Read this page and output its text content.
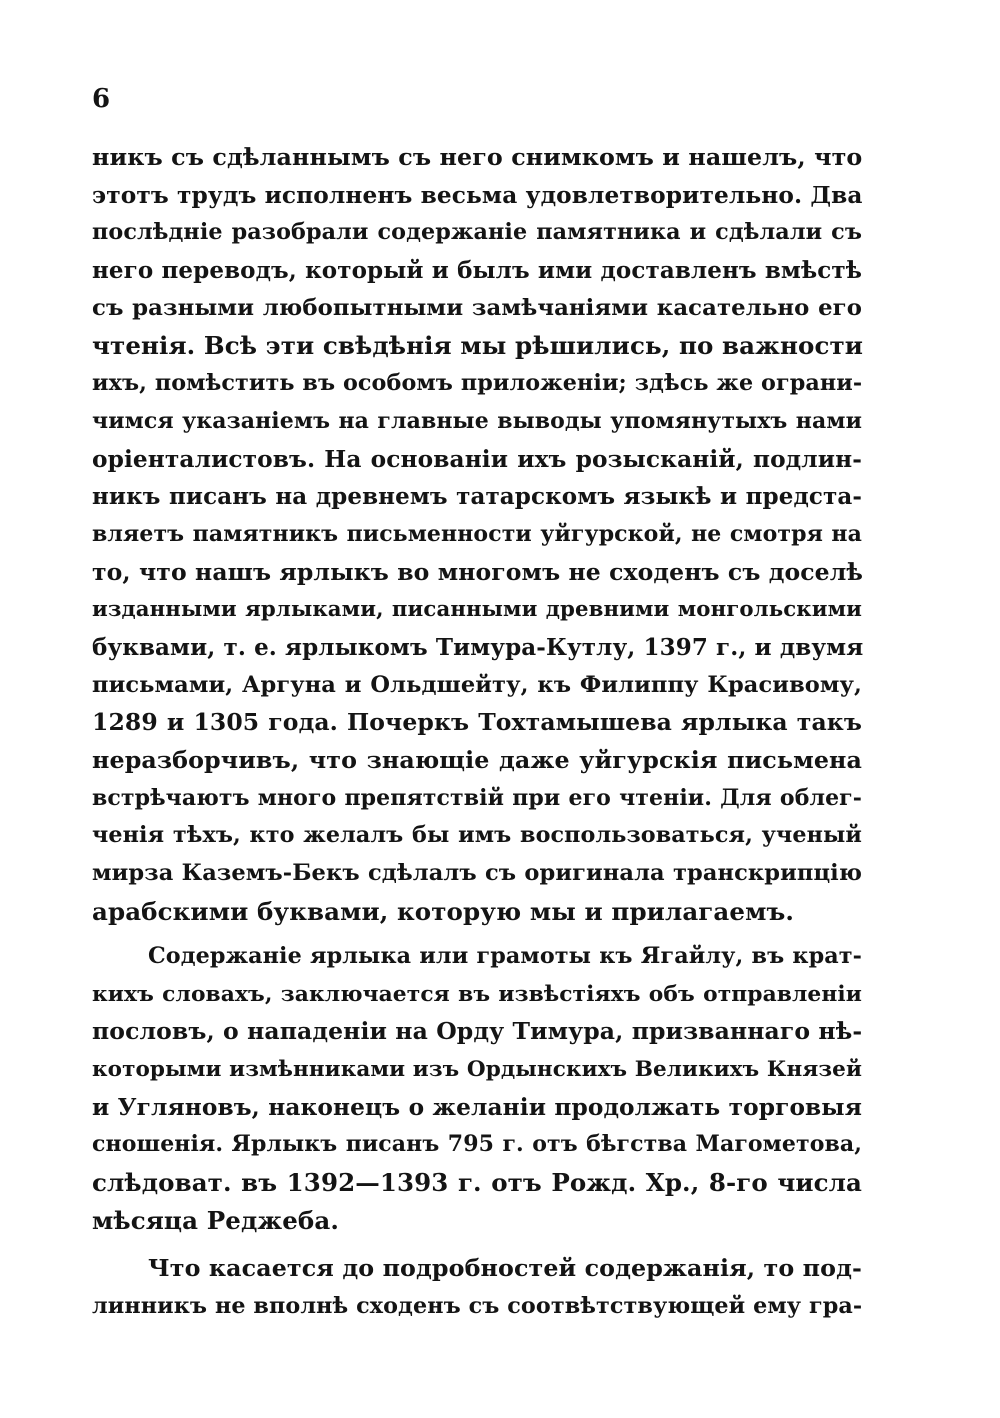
6
никъ съ сдѣланнымъ съ него снимкомъ и нашелъ, что
этотъ трудъ исполненъ весьма удовлетворительно. Два
послѣдніе разобрали содержаніе памятника и сдѣлали съ
него переводъ, который и былъ ими доставленъ вмѣстѣ
съ разными любопытными замѣчаніями касательно его
чтенія. Всѣ эти свѣдѣнія мы рѣшились, по важности
ихъ, помѣстить въ особомъ приложеніи; здѣсь же ограни-
чимся указаніемъ на главные выводы упомянутыхъ нами
оріенталистовъ. На основаніи ихъ розысканій, подлин-
никъ писанъ на древнемъ татарскомъ языкѣ и предста-
вляетъ памятникъ письменности уйгурской, не смотря на
то, что нашъ ярлыкъ во многомъ не сходенъ съ доселѣ
изданными ярлыками, писанными древними монгольскими
буквами, т. е. ярлыкомъ Тимура-Кутлу, 1397 г., и двумя
письмами, Аргуна и Ольдшейту, къ Филиппу Красивому,
1289 и 1305 года. Почеркъ Тохтамышева ярлыка такъ
неразборчивъ, что знающіе даже уйгурскія письмена
встрѣчаютъ много препятствій при его чтеніи. Для облег-
ченія тѣхъ, кто желалъ бы имъ воспользоваться, ученый
мирза Каземъ-Бекъ сдѣлалъ съ оригинала транскрипцію
арабскими буквами, которую мы и прилагаемъ.
Содержаніе ярлыка или грамоты къ Ягайлу, въ крат-
кихъ словахъ, заключается въ извѣстіяхъ объ отправленіи
пословъ, о нападеніи на Орду Тимура, призваннаго нѣ-
которыми измѣнниками изъ Ордынскихъ Великихъ Князей
и Угляновъ, наконецъ о желаніи продолжать торговыя
сношенія. Ярлыкъ писанъ 795 г. отъ бѣгства Магометова,
слѣдоват. въ 1392—1393 г. отъ Рожд. Хр., 8-го числа
мѣсяца Реджеба.
Что касается до подробностей содержанія, то под-
линникъ не вполнѣ сходенъ съ соотвѣтствующей ему гра-
